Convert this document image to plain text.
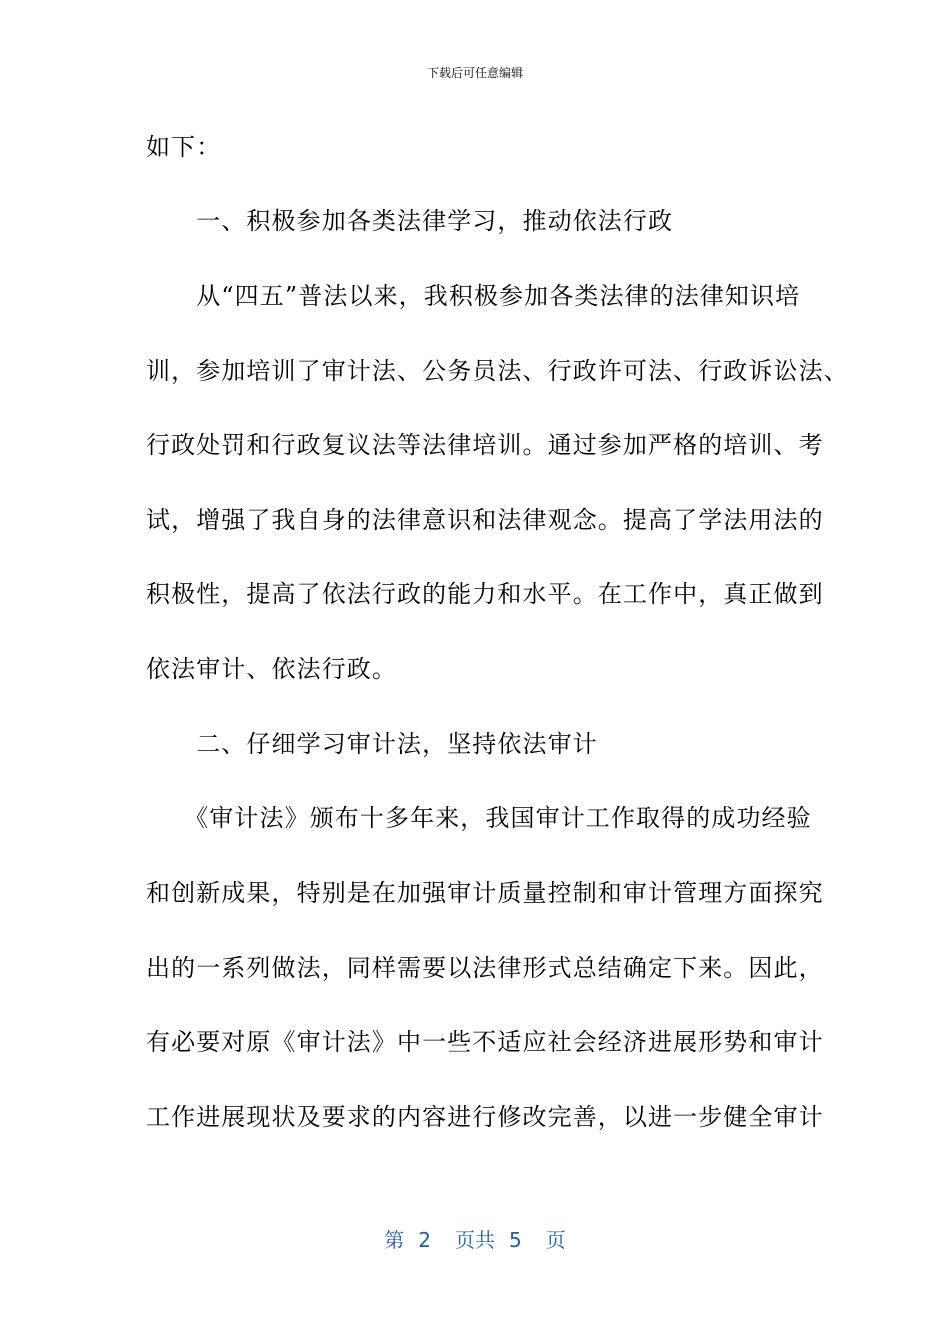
下载后可任意编辑
如下：
　　一、积极参加各类法律学习，推动依法行政
　　从“四五”普法以来，我积极参加各类法律的法律知识培
训，参加培训了审计法、公务员法、行政许可法、行政诉讼法、
行政处罚和行政复议法等法律培训。通过参加严格的培训、考
试，增强了我自身的法律意识和法律观念。提高了学法用法的
积极性，提高了依法行政的能力和水平。在工作中，真正做到
依法审计、依法行政。
　　二、仔细学习审计法，坚持依法审计
　　《审计法》颁布十多年来，我国审计工作取得的成功经验
和创新成果，特别是在加强审计质量控制和审计管理方面探究
出的一系列做法，同样需要以法律形式总结确定下来。因此，
有必要对原《审计法》中一些不适应社会经济进展形势和审计
工作进展现状及要求的内容进行修改完善，以进一步健全审计
第 2 页共 5 页
